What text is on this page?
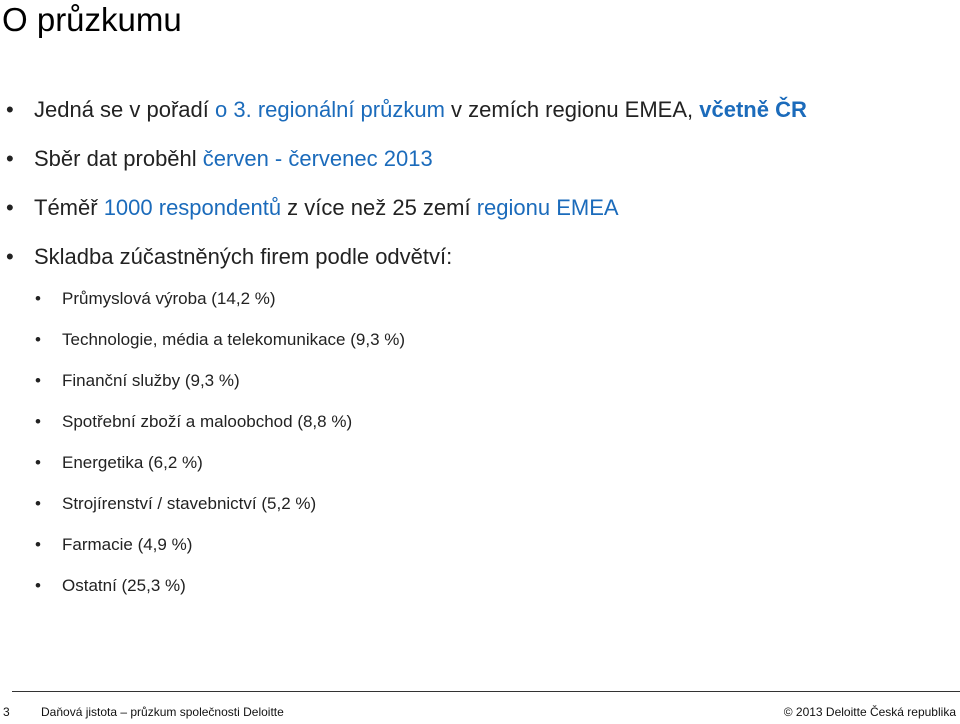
O průzkumu
• Jedná se v pořadí o 3. regionální průzkum v zemích regionu EMEA, včetně ČR
• Sběr dat proběhl červen - červenec 2013
• Téměř 1000 respondentů z více než 25 zemí regionu EMEA
• Skladba zúčastněných firem podle odvětví:
• Průmyslová výroba (14,2 %)
• Technologie, média a telekomunikace (9,3 %)
• Finanční služby (9,3 %)
• Spotřební zboží a maloobchod (8,8 %)
• Energetika (6,2 %)
• Strojírenství / stavebnictví (5,2 %)
• Farmacie (4,9 %)
• Ostatní (25,3 %)
3	Daňová jistota – průzkum společnosti Deloitte	© 2013 Deloitte Česká republika
